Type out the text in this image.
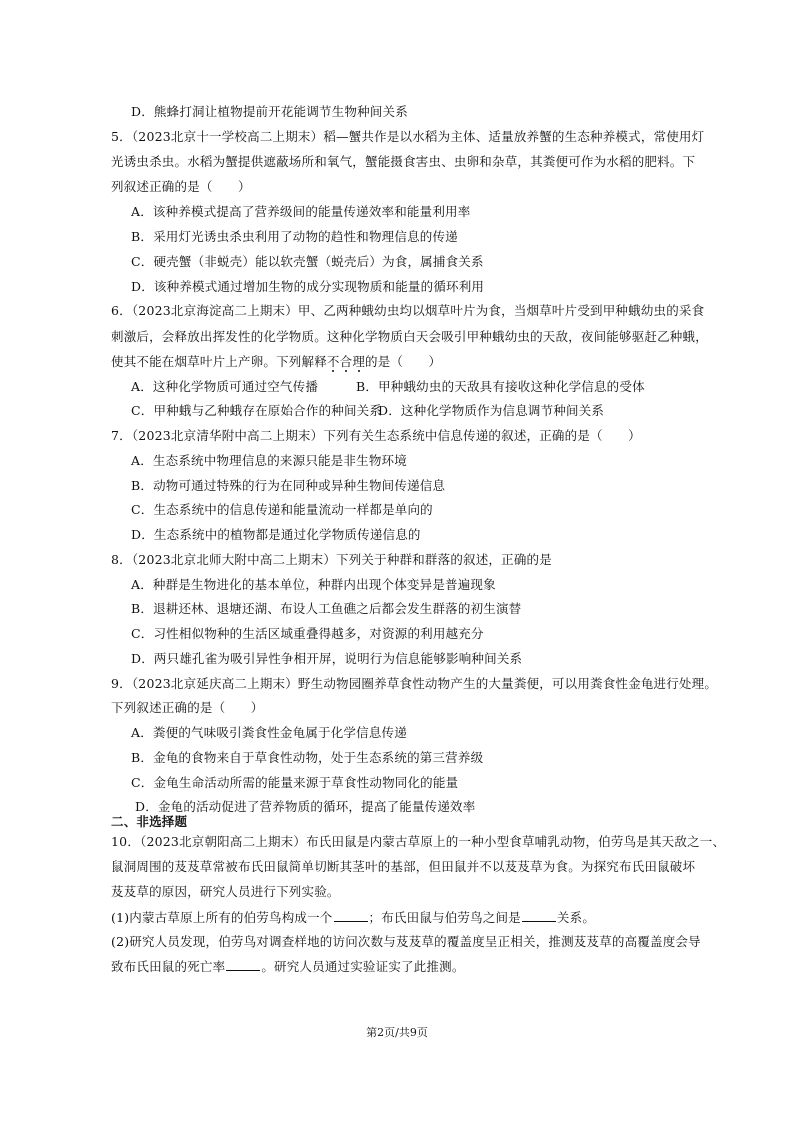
D．熊蜂打洞让植物提前开花能调节生物种间关系
5．（2023北京十一学校高二上期末）稻—蟹共作是以水稻为主体、适量放养蟹的生态种养模式，常使用灯
光诱虫杀虫。水稻为蟹提供遮蔽场所和氧气，蟹能摄食害虫、虫卵和杂草，其粪便可作为水稻的肥料。下
列叙述正确的是（　　）
A．该种养模式提高了营养级间的能量传递效率和能量利用率
B．采用灯光诱虫杀虫利用了动物的趋性和物理信息的传递
C．硬壳蟹（非蜕壳）能以软壳蟹（蜕壳后）为食，属捕食关系
D．该种养模式通过增加生物的成分实现物质和能量的循环利用
6．（2023北京海淀高二上期末）甲、乙两种蛾幼虫均以烟草叶片为食，当烟草叶片受到甲种蛾幼虫的采食
刺激后，会释放出挥发性的化学物质。这种化学物质白天会吸引甲种蛾幼虫的天敌，夜间能够驱赶乙种蛾，
使其不能在烟草叶片上产卵。下列解释不合理的是（　　）
A．这种化学物质可通过空气传播	B．甲种蛾幼虫的天敌具有接收这种化学信息的受体
C．甲种蛾与乙种蛾存在原始合作的种间关系
D．这种化学物质作为信息调节种间关系
7．（2023北京清华附中高二上期末）下列有关生态系统中信息传递的叙述，正确的是（　　）
A．生态系统中物理信息的来源只能是非生物环境
B．动物可通过特殊的行为在同种或异种生物间传递信息
C．生态系统中的信息传递和能量流动一样都是单向的
D．生态系统中的植物都是通过化学物质传递信息的
8．（2023北京北师大附中高二上期末）下列关于种群和群落的叙述，正确的是
A．种群是生物进化的基本单位，种群内出现个体变异是普遍现象
B．退耕还林、退塘还湖、布设人工鱼礁之后都会发生群落的初生演替
C．习性相似物种的生活区域重叠得越多，对资源的利用越充分
D．两只雄孔雀为吸引异性争相开屏，说明行为信息能够影响种间关系
9．（2023北京延庆高二上期末）野生动物园圈养草食性动物产生的大量粪便，可以用粪食性金龟进行处理。
下列叙述正确的是（　　）
A．粪便的气味吸引粪食性金龟属于化学信息传递
B．金龟的食物来自于草食性动物，处于生态系统的第三营养级
C．金龟生命活动所需的能量来源于草食性动物同化的能量
D．金龟的活动促进了营养物质的循环，提高了能量传递效率
二、非选择题
10．（2023北京朝阳高二上期末）布氏田鼠是内蒙古草原上的一种小型食草哺乳动物，伯劳鸟是其天敌之一、
鼠洞周围的芨芨草常被布氏田鼠简单切断其茎叶的基部，但田鼠并不以芨芨草为食。为探究布氏田鼠破坏
芨芨草的原因，研究人员进行下列实验。
(1)内蒙古草原上所有的伯劳鸟构成一个	；布氏田鼠与伯劳鸟之间是	关系。
(2)研究人员发现，伯劳鸟对调查样地的访问次数与芨芨草的覆盖度呈正相关，推测芨芨草的高覆盖度会导
致布氏田鼠的死亡率	。研究人员通过实验证实了此推测。
第2页/共9页
